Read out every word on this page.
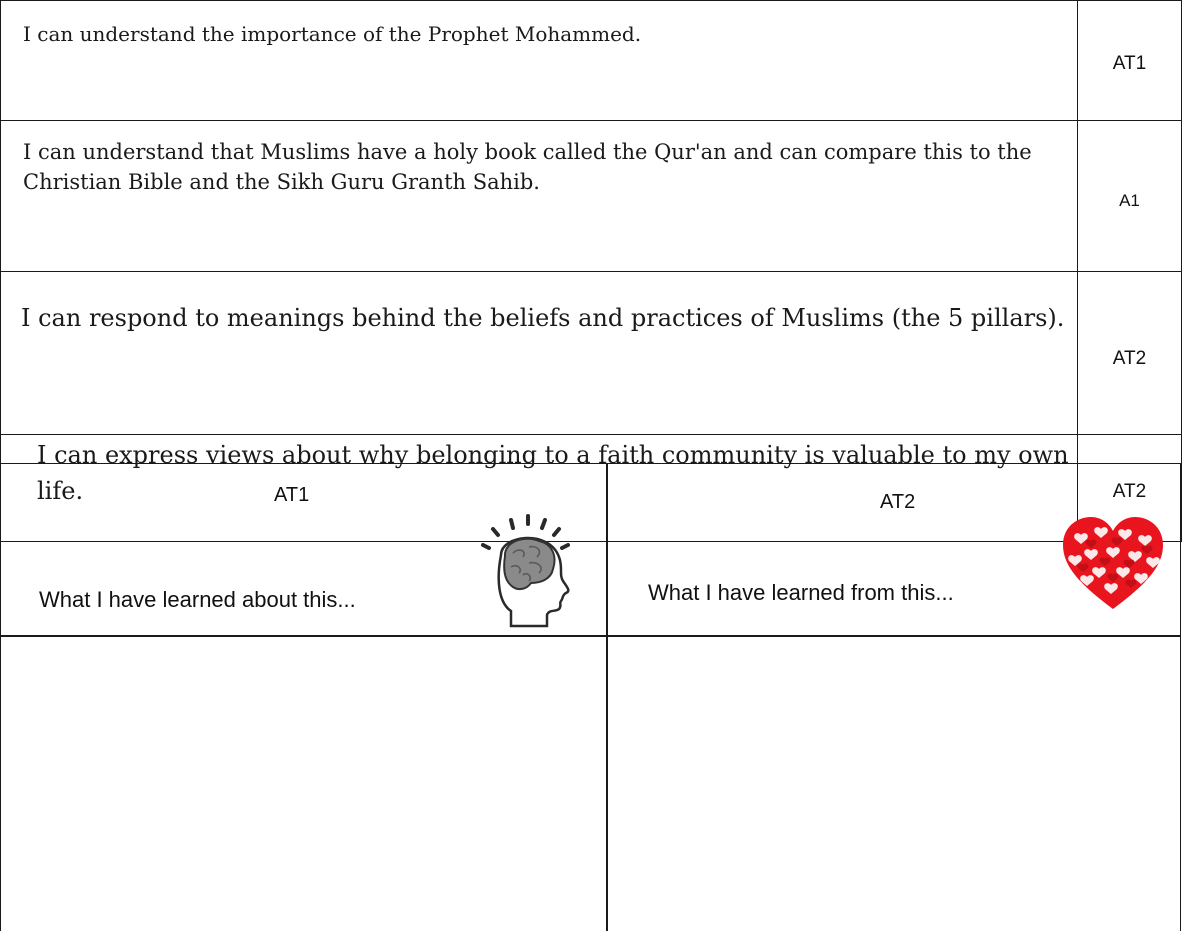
I can understand the importance of the Prophet Mohammed.	AT1
I can understand that Muslims have a holy book called the Qur'an and can compare this to the Christian Bible and the Sikh Guru Granth Sahib.	A1
I can respond to meanings behind the beliefs and practices of Muslims (the 5 pillars).	AT2
I can express views about why belonging to a faith community is valuable to my own life.	AT2
AT1
What I have learned about this...
AT2
What I have learned from this...
